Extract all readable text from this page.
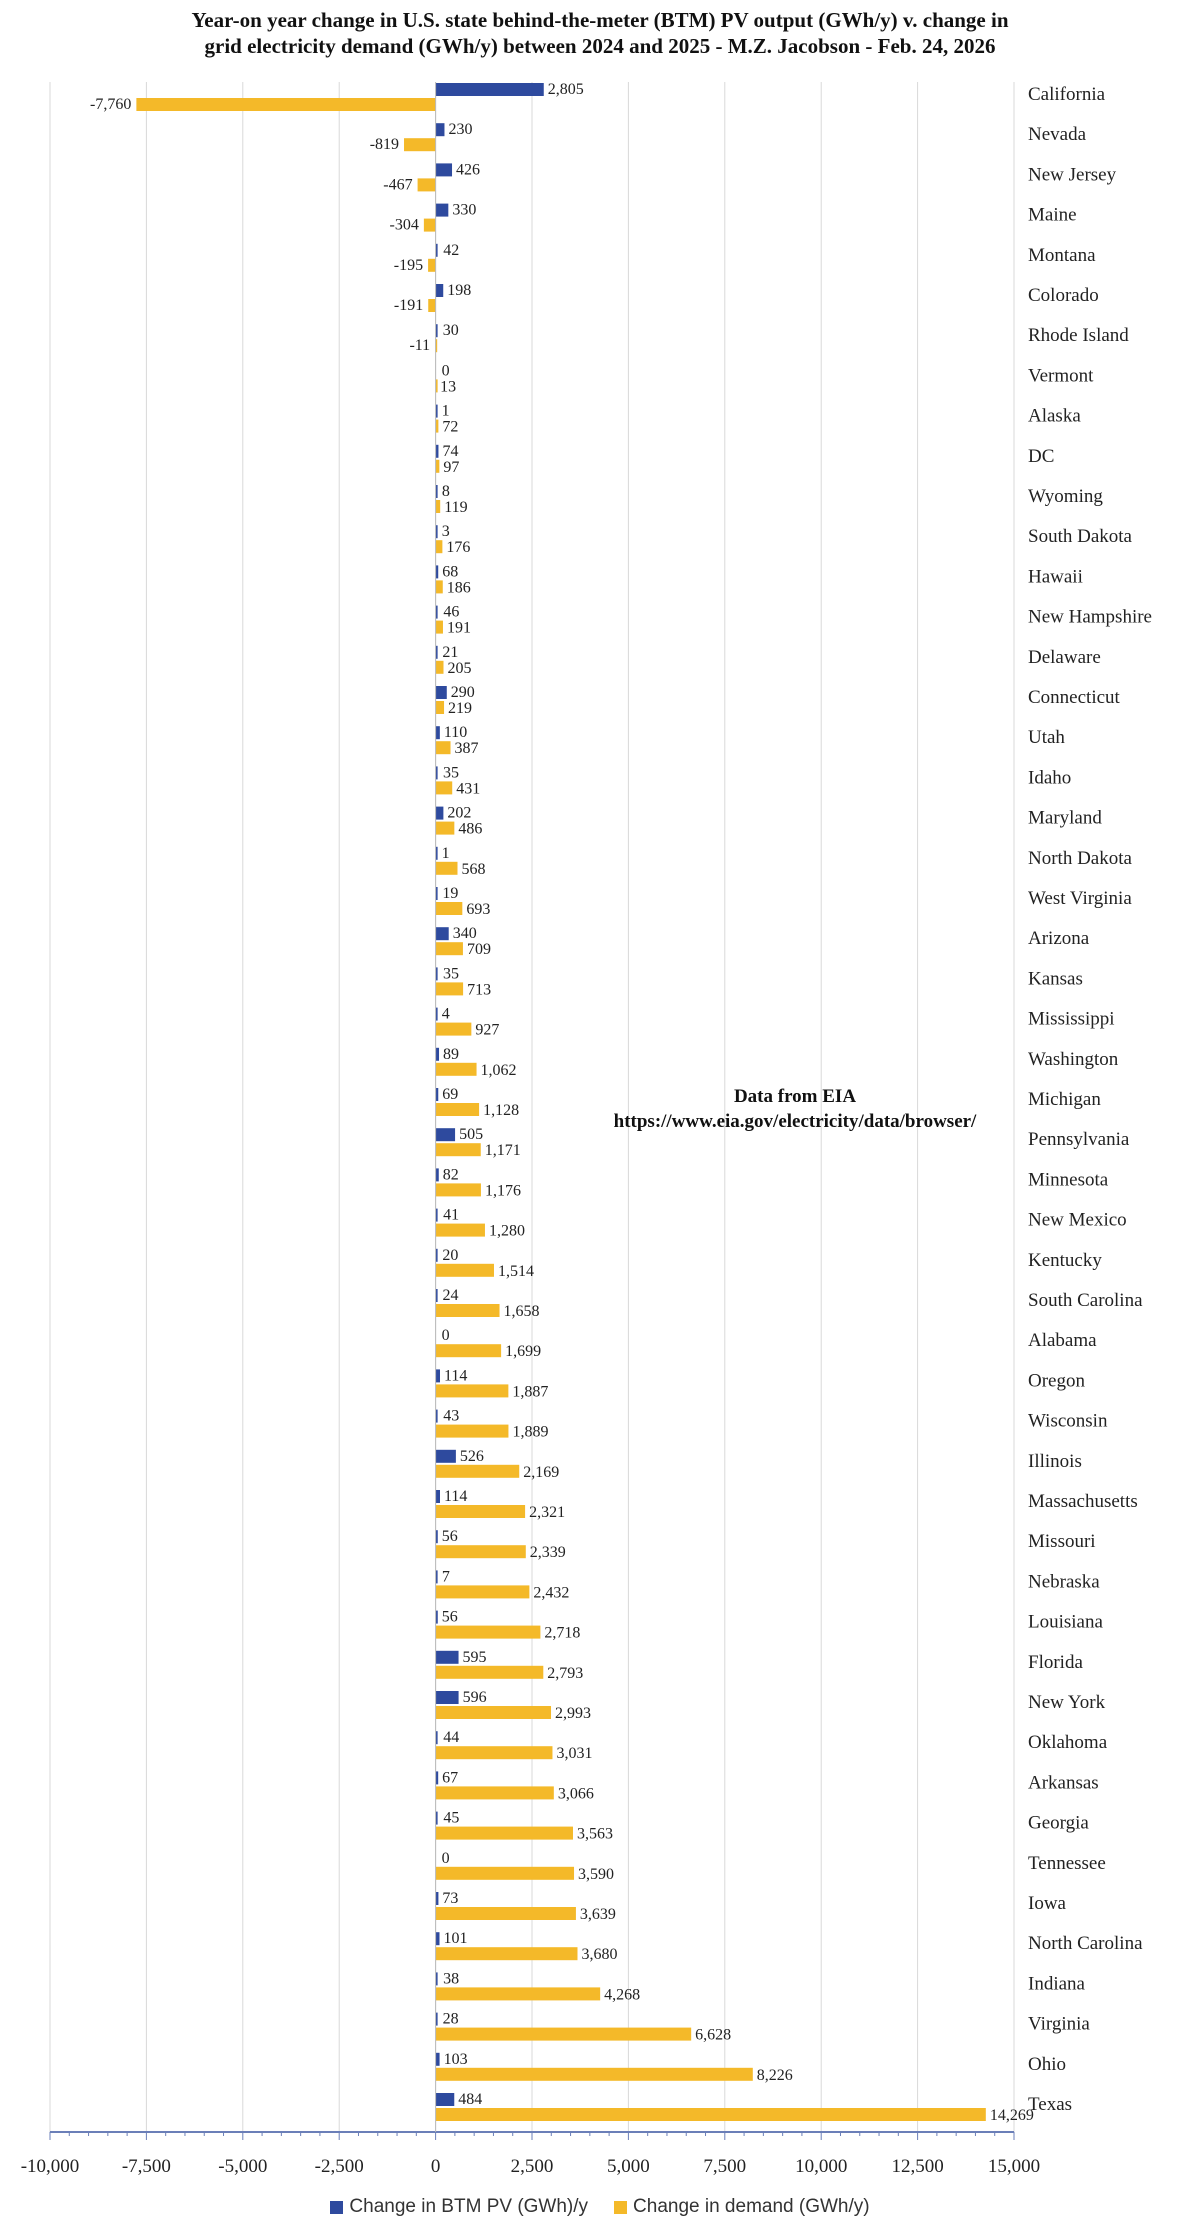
Year-on year change in U.S. state behind-the-meter (BTM) PV output (GWh/y) v. change in
grid electricity demand (GWh/y) between 2024 and 2025 - M.Z. Jacobson - Feb. 24, 2026
2,805
-7,760
230
-819
426
-467
330
-304
42
-195
198
-191
30
-11
0
13
1
72
74
97
8
119
3
176
68
186
46
191
21
205
290
219
110
387
35
431
202
486
1
568
19
693
340
709
35
713
4
927
89
1,062
69
1,128
505
1,171
82
1,176
41
1,280
20
1,514
24
1,658
0
1,699
114
1,887
43
1,889
526
2,169
114
2,321
56
2,339
7
2,432
56
2,718
595
2,793
596
2,993
44
3,031
67
3,066
45
3,563
0
3,590
73
3,639
101
3,680
38
4,268
28
6,628
103
8,226
484
14,269
California
Nevada
New Jersey
Maine
Montana
Colorado
Rhode Island
Vermont
Alaska
DC
Wyoming
South Dakota
Hawaii
New Hampshire
Delaware
Connecticut
Utah
Idaho
Maryland
North Dakota
West Virginia
Arizona
Kansas
Mississippi
Washington
Michigan
Pennsylvania
Minnesota
New Mexico
Kentucky
South Carolina
Alabama
Oregon
Wisconsin
Illinois
Massachusetts
Missouri
Nebraska
Louisiana
Florida
New York
Oklahoma
Arkansas
Georgia
Tennessee
Iowa
North Carolina
Indiana
Virginia
Ohio
Texas
-10,000 -7,500 -5,000 -2,500	0	2,500	5,000	7,500	10,000 12,500 15,000
Data from EIA
https://www.eia.gov/electricity/data/browser/
Change in BTM PV (GWh)/y Change in demand (GWh/y)
